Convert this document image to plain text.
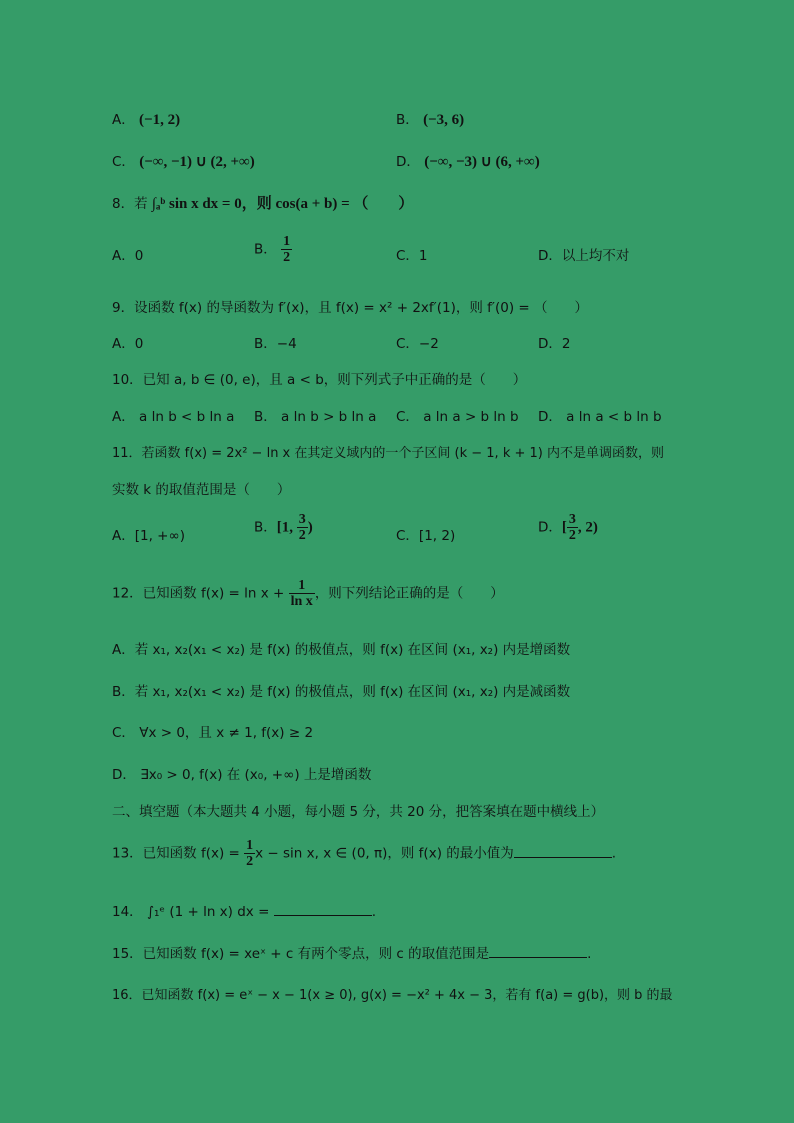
A． (−1, 2)	B． (−3, 6)
C． (−∞, −1) ∪ (2, +∞)	D． (−∞, −3) ∪ (6, +∞)
8．若 ∫ₐᵇ sin x dx = 0，则 cos(a + b) = （　　）
A．0	B． $\frac{1}{2}$	C．1	D．以上均不对
9．设函数 f(x) 的导函数为 f′(x)，且 f(x) = x² + 2xf′(1)，则 f′(0) = （　　）
A．0	B．−4	C．−2	D．2
10．已知 a, b ∈ (0, e)，且 a < b，则下列式子中正确的是（　　）
A． a ln b < b ln a B． a ln b > b ln a C． a ln a > b ln b D． a ln a < b ln b
11．若函数 f(x) = 2x² − ln x 在其定义域内的一个子区间 (k − 1, k + 1) 内不是单调函数，则
实数 k 的取值范围是（　　）
A．[1, +∞)
B．[1, $\frac{3}{2}$ )
C．[1, 2)
D．[ $\frac{3}{2}$ , 2)
12．已知函数 $f(x) = \ln x + \frac{1}{\text{ln x}}$ ，则下列结论正确的是（　　）
A．若 x₁, x₂(x₁ < x₂) 是 f(x) 的极值点，则 f(x) 在区间 (x₁, x₂) 内是增函数
B．若 x₁, x₂(x₁ < x₂) 是 f(x) 的极值点，则 f(x) 在区间 (x₁, x₂) 内是减函数
C． ∀x > 0，且 x ≠ 1, f(x) ≥ 2
D． ∃x₀ > 0, f(x) 在 (x₀, +∞) 上是增函数
二、填空题（本大题共 4 小题，每小题 5 分，共 20 分，把答案填在题中横线上）
13．已知函数 $f(x) = \frac{1}{2}$ x − sin x, x ∈ (0, π)，则 f(x) 的最小值为	.
14． ∫₁ᵉ (1 + ln x) dx =	.
15．已知函数 f(x) = xeˣ + c 有两个零点，则 c 的取值范围是	.
16．已知函数 f(x) = eˣ − x − 1(x ≥ 0), g(x) = −x² + 4x − 3，若有 f(a) = g(b)，则 b 的最
